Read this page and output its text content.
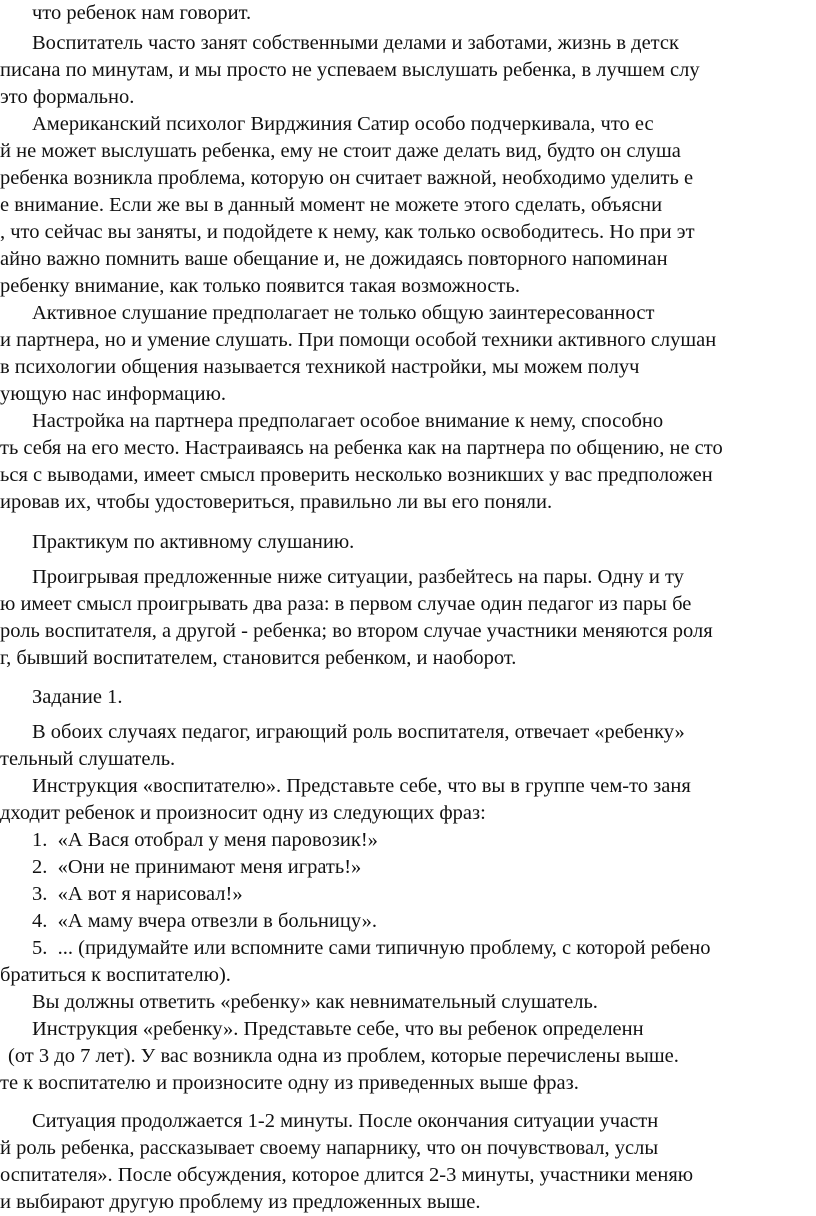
что ребенок нам говорит.
Воспитатель часто занят собственными делами и заботами, жизнь в детск
писана по минутам, и мы просто не успеваем выслушать ребенка, в лучшем слу
это формально.
Американский психолог Вирджиния Сатир особо подчеркивала, что ес
й не может выслушать ребенка, ему не стоит даже делать вид, будто он слуша
ребенка возникла проблема, которую он считает важной, необходимо уделить е
е внимание. Если же вы в данный момент не можете этого сделать, объясни
, что сейчас вы заняты, и подойдете к нему, как только освободитесь. Но при эт
айно важно помнить ваше обещание и, не дожидаясь повторного напоминан
ребенку внимание, как только появится такая возможность.
Активное слушание предполагает не только общую заинтересованност
и партнера, но и умение слушать. При помощи особой техники активного слушан
в психологии общения называется техникой настройки, мы можем получ
ующую нас информацию.
Настройка на партнера предполагает особое внимание к нему, способно
ть себя на его место. Настраиваясь на ребенка как на партнера по общению, не сто
ься с выводами, имеет смысл проверить несколько возникших у вас предположен
ировав их, чтобы удостовериться, правильно ли вы его поняли.
Практикум по активному слушанию.
Проигрывая предложенные ниже ситуации, разбейтесь на пары. Одну и ту
ю имеет смысл проигрывать два раза: в первом случае один педагог из пары бе
роль воспитателя, а другой - ребенка; во втором случае участники меняются роля
г, бывший воспитателем, становится ребенком, и наоборот.
Задание 1.
В обоих случаях педагог, играющий роль воспитателя, отвечает «ребенку»
тельный слушатель.
Инструкция «воспитателю». Представьте себе, что вы в группе чем-то заня
дходит ребенок и произносит одну из следующих фраз:
1.  «А Вася отобрал у меня паровозик!»
2.  «Они не принимают меня играть!»
3.  «А вот я нарисовал!»
4.  «А маму вчера отвезли в больницу».
5.  ... (придумайте или вспомните сами типичную проблему, с которой ребено
братиться к воспитателю).
Вы должны ответить «ребенку» как невнимательный слушатель.
Инструкция «ребенку». Представьте себе, что вы ребенок определенн
(от 3 до 7 лет). У вас возникла одна из проблем, которые перечислены выше.
те к воспитателю и произносите одну из приведенных выше фраз.
Ситуация продолжается 1-2 минуты. После окончания ситуации участн
й роль ребенка, рассказывает своему напарнику, что он почувствовал, услы
оспитателя». После обсуждения, которое длится 2-3 минуты, участники меняю
и выбирают другую проблему из предложенных выше.
